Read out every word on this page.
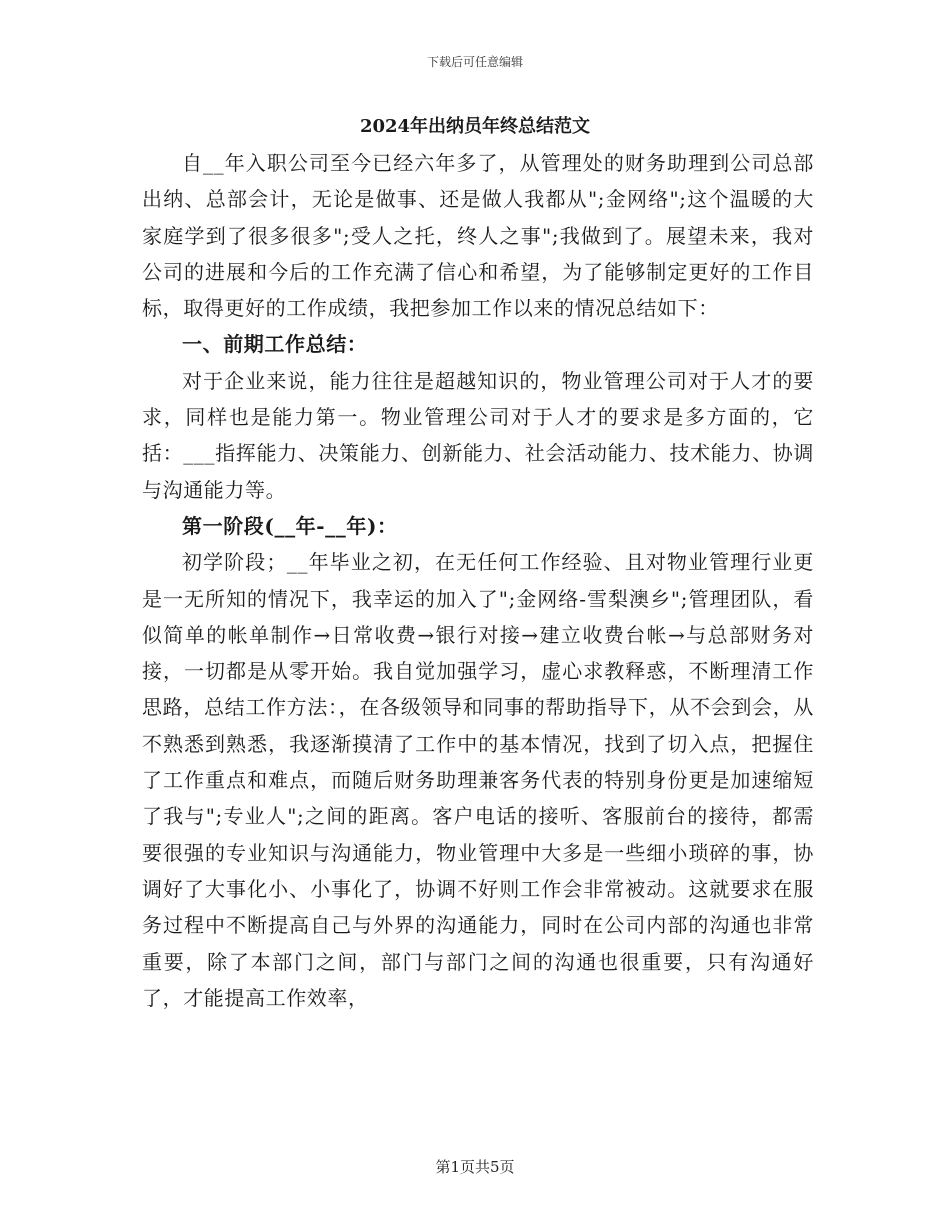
下载后可任意编辑
2024年出纳员年终总结范文

自__年入职公司至今已经六年多了，从管理处的财务助理到公司总部出纳、总部会计，无论是做事、还是做人我都从";金网络";这个温暖的大家庭学到了很多很多";受人之托，终人之事";我做到了。展望未来，我对公司的进展和今后的工作充满了信心和希望，为了能够制定更好的工作目标，取得更好的工作成绩，我把参加工作以来的情况总结如下：

一、前期工作总结：

对于企业来说，能力往往是超越知识的，物业管理公司对于人才的要求，同样也是能力第一。物业管理公司对于人才的要求是多方面的，它括：___指挥能力、决策能力、创新能力、社会活动能力、技术能力、协调与沟通能力等。

第一阶段(__年-__年)：

初学阶段；__年毕业之初，在无任何工作经验、且对物业管理行业更是一无所知的情况下，我幸运的加入了";金网络-雪梨澳乡";管理团队，看似简单的帐单制作→日常收费→银行对接→建立收费台帐→与总部财务对接，一切都是从零开始。我自觉加强学习，虚心求教释惑，不断理清工作思路，总结工作方法：，在各级领导和同事的帮助指导下，从不会到会，从不熟悉到熟悉，我逐渐摸清了工作中的基本情况，找到了切入点，把握住了工作重点和难点，而随后财务助理兼客务代表的特别身份更是加速缩短了我与";专业人";之间的距离。客户电话的接听、客服前台的接待，都需要很强的专业知识与沟通能力，物业管理中大多是一些细小琐碎的事，协调好了大事化小、小事化了，协调不好则工作会非常被动。这就要求在服务过程中不断提高自己与外界的沟通能力，同时在公司内部的沟通也非常重要，除了本部门之间，部门与部门之间的沟通也很重要，只有沟通好了，才能提高工作效率，

第1页共5页
